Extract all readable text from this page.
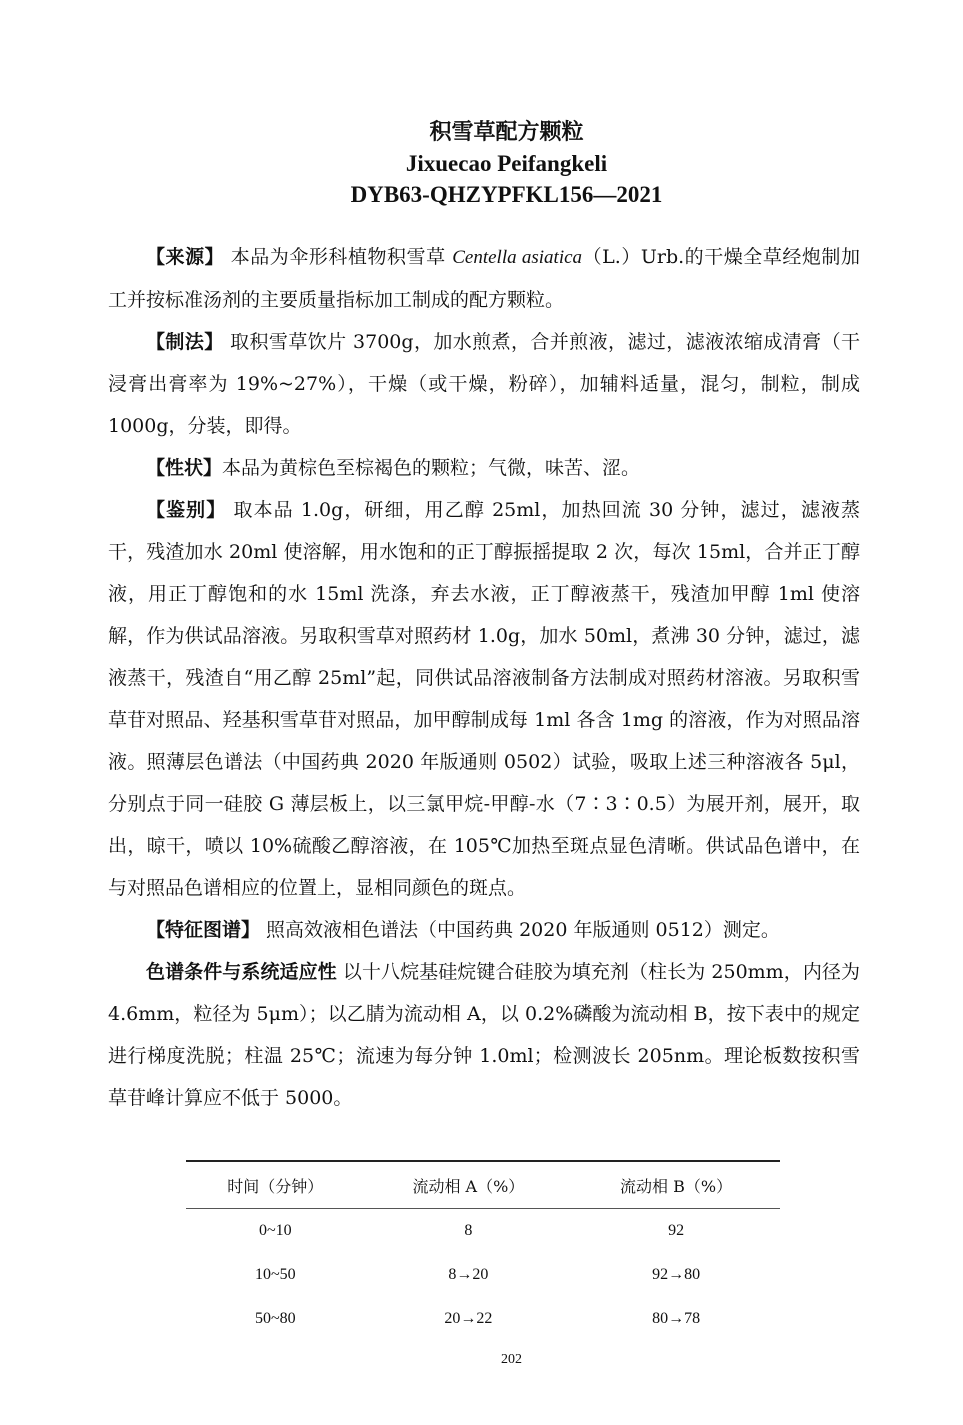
积雪草配方颗粒
Jixuecao Peifangkeli
DYB63-QHZYPFKL156—2021

【来源】 本品为伞形科植物积雪草 Centella asiatica（L.）Urb.的干燥全草经炮制加工并按标准汤剂的主要质量指标加工制成的配方颗粒。

【制法】 取积雪草饮片 3700g，加水煎煮，合并煎液，滤过，滤液浓缩成清膏（干浸膏出膏率为 19%~27%），干燥（或干燥，粉碎），加辅料适量，混匀，制粒，制成 1000g，分装，即得。

【性状】本品为黄棕色至棕褐色的颗粒；气微，味苦、涩。

【鉴别】 取本品 1.0g，研细，用乙醇 25ml，加热回流 30 分钟，滤过，滤液蒸干，残渣加水 20ml 使溶解，用水饱和的正丁醇振摇提取 2 次，每次 15ml，合并正丁醇液，用正丁醇饱和的水 15ml 洗涤，弃去水液，正丁醇液蒸干，残渣加甲醇 1ml 使溶解，作为供试品溶液。另取积雪草对照药材 1.0g，加水 50ml，煮沸 30 分钟，滤过，滤液蒸干，残渣自“用乙醇 25ml”起，同供试品溶液制备方法制成对照药材溶液。另取积雪草苷对照品、羟基积雪草苷对照品，加甲醇制成每 1ml 各含 1mg 的溶液，作为对照品溶液。照薄层色谱法（中国药典 2020 年版通则 0502）试验，吸取上述三种溶液各 5μl，分别点于同一硅胶 G 薄层板上，以三氯甲烷-甲醇-水（7∶3∶0.5）为展开剂，展开，取出，晾干，喷以 10%硫酸乙醇溶液，在 105℃加热至斑点显色清晰。供试品色谱中，在与对照品色谱相应的位置上，显相同颜色的斑点。

【特征图谱】 照高效液相色谱法（中国药典 2020 年版通则 0512）测定。

色谱条件与系统适应性 以十八烷基硅烷键合硅胶为填充剂（柱长为 250mm，内径为 4.6mm，粒径为 5μm）；以乙腈为流动相 A，以 0.2%磷酸为流动相 B，按下表中的规定进行梯度洗脱；柱温 25℃；流速为每分钟 1.0ml；检测波长 205nm。理论板数按积雪草苷峰计算应不低于 5000。

时间（分钟）	流动相 A（%）	流动相 B（%）
0~10	8	92
10~50	8→20	92→80
50~80	20→22	80→78
202
